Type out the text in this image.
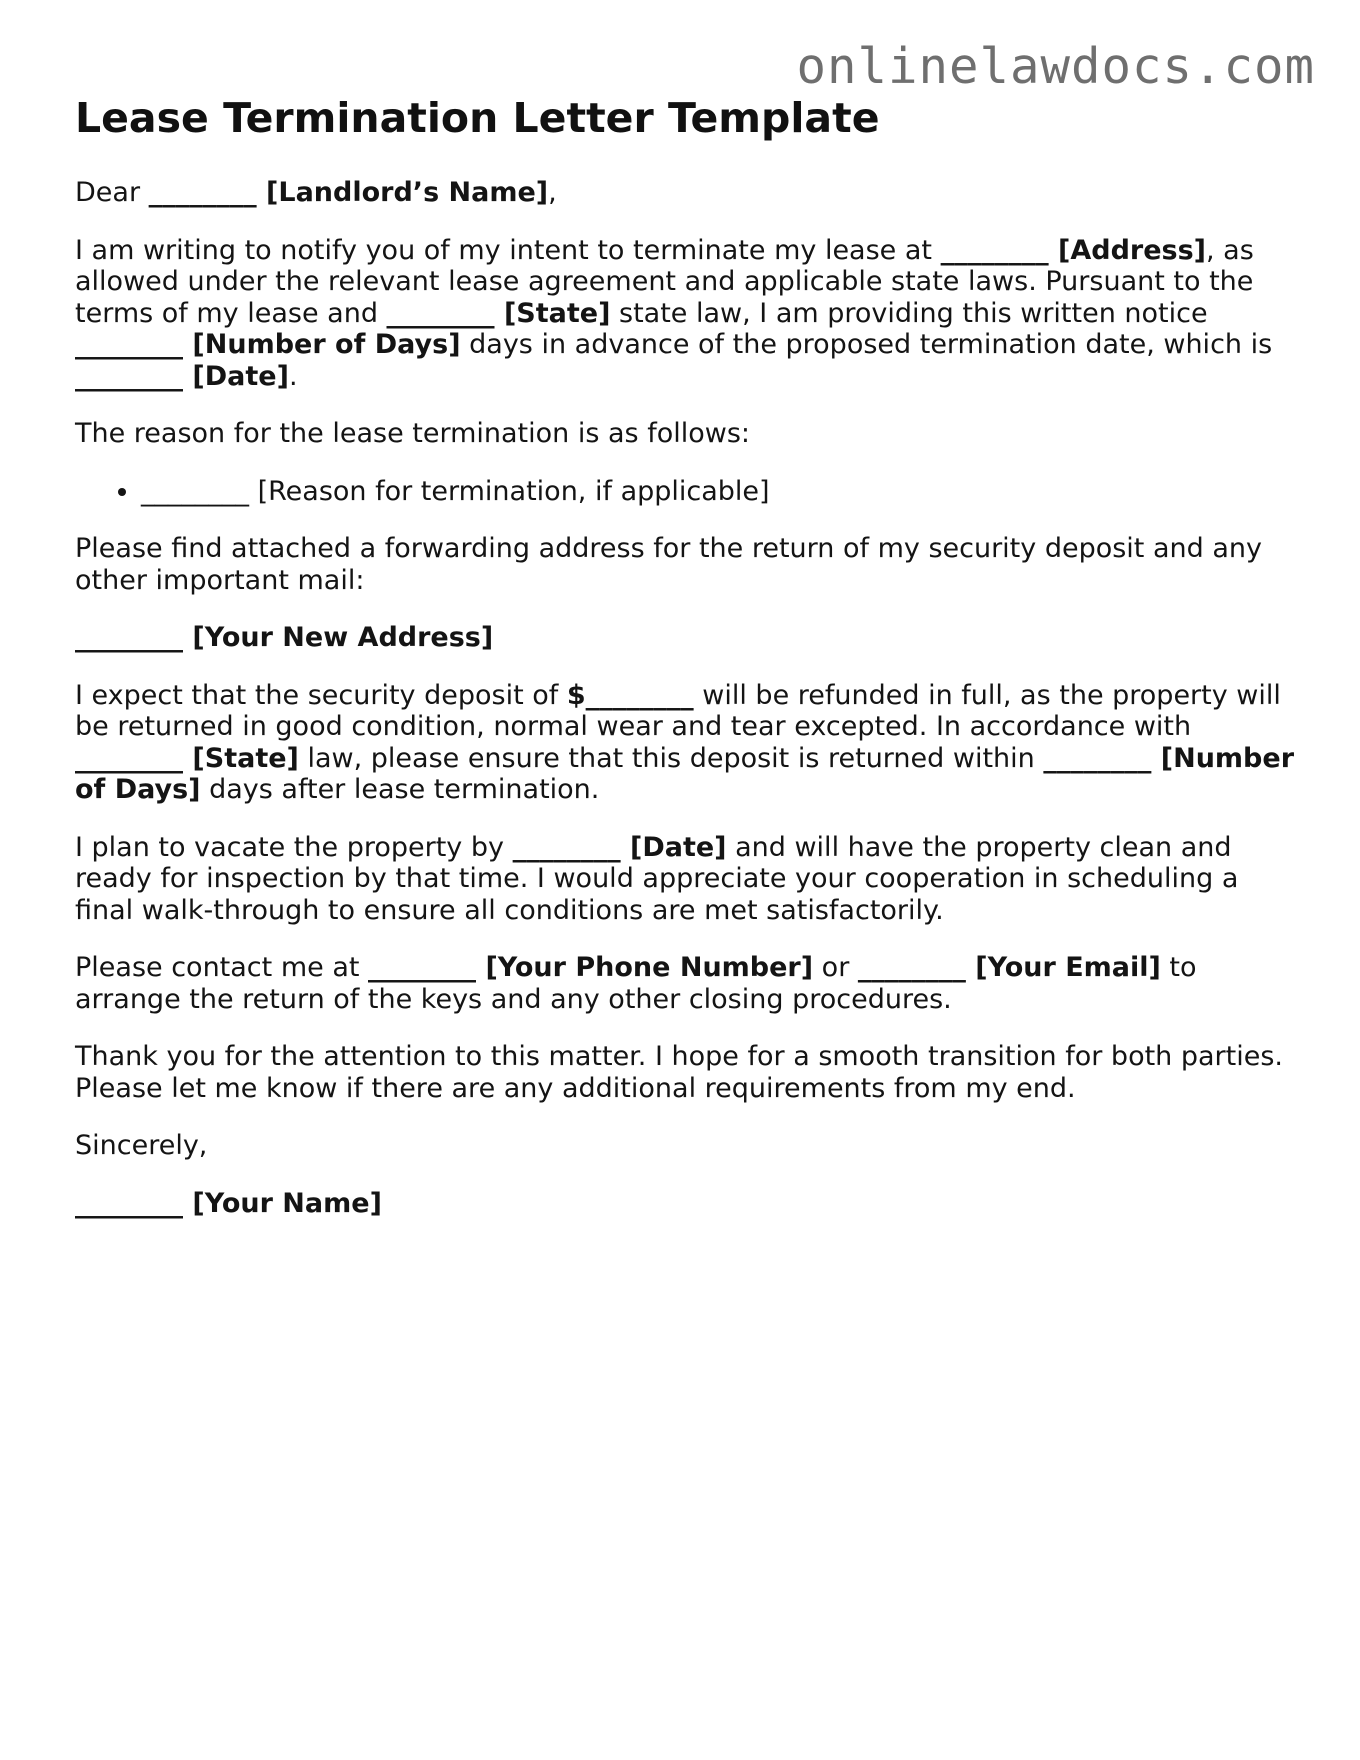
onlinelawdocs.com
Lease Termination Letter Template

Dear ________ [Landlord’s Name],

I am writing to notify you of my intent to terminate my lease at ________ [Address], as allowed under the relevant lease agreement and applicable state laws. Pursuant to the terms of my lease and ________ [State] state law, I am providing this written notice ________ [Number of Days] days in advance of the proposed termination date, which is ________ [Date].

The reason for the lease termination is as follows:

• ________ [Reason for termination, if applicable]

Please find attached a forwarding address for the return of my security deposit and any other important mail:

________ [Your New Address]

I expect that the security deposit of $________ will be refunded in full, as the property will be returned in good condition, normal wear and tear excepted. In accordance with ________ [State] law, please ensure that this deposit is returned within ________ [Number of Days] days after lease termination.

I plan to vacate the property by ________ [Date] and will have the property clean and ready for inspection by that time. I would appreciate your cooperation in scheduling a final walk-through to ensure all conditions are met satisfactorily.

Please contact me at ________ [Your Phone Number] or ________ [Your Email] to arrange the return of the keys and any other closing procedures.

Thank you for the attention to this matter. I hope for a smooth transition for both parties. Please let me know if there are any additional requirements from my end.

Sincerely,

________ [Your Name]
